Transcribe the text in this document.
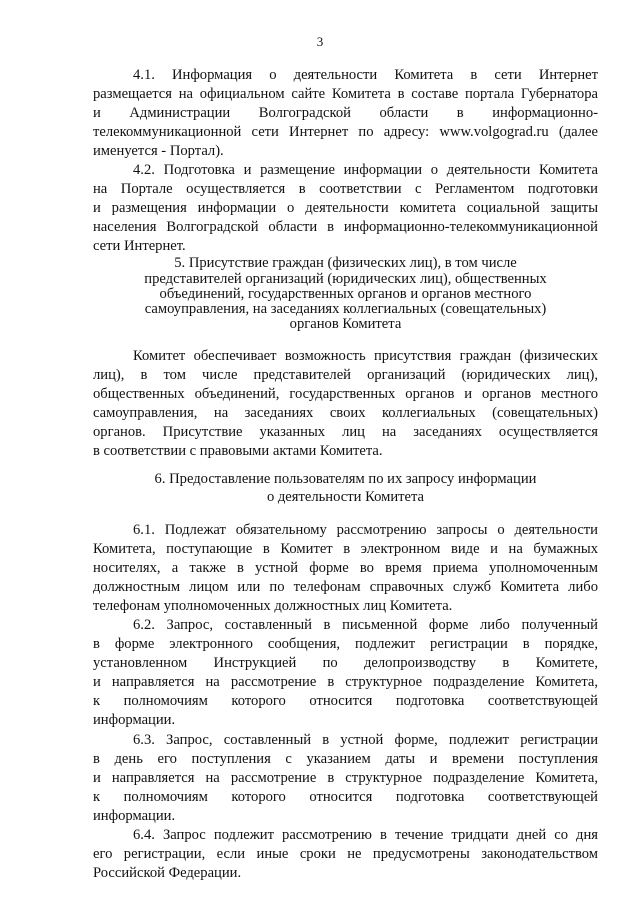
3
4.1. Информация о деятельности Комитета в сети Интернет
размещается на официальном сайте Комитета в составе портала Губернатора
и Администрации Волгоградской области в информационно-
телекоммуникационной сети Интернет по адресу: www.volgograd.ru (далее
именуется - Портал).
4.2. Подготовка и размещение информации о деятельности Комитета
на Портале осуществляется в соответствии с Регламентом подготовки
и размещения информации о деятельности комитета социальной защиты
населения Волгоградской области в информационно-телекоммуникационной
сети Интернет.
5. Присутствие граждан (физических лиц), в том числе
представителей организаций (юридических лиц), общественных
объединений, государственных органов и органов местного
самоуправления, на заседаниях коллегиальных (совещательных)
органов Комитета
Комитет обеспечивает возможность присутствия граждан (физических
лиц), в том числе представителей организаций (юридических лиц),
общественных объединений, государственных органов и органов местного
самоуправления, на заседаниях своих коллегиальных (совещательных)
органов. Присутствие указанных лиц на заседаниях осуществляется
в соответствии с правовыми актами Комитета.
6. Предоставление пользователям по их запросу информации
о деятельности Комитета
6.1. Подлежат обязательному рассмотрению запросы о деятельности
Комитета, поступающие в Комитет в электронном виде и на бумажных
носителях, а также в устной форме во время приема уполномоченным
должностным лицом или по телефонам справочных служб Комитета либо
телефонам уполномоченных должностных лиц Комитета.
6.2. Запрос, составленный в письменной форме либо полученный
в форме электронного сообщения, подлежит регистрации в порядке,
установленном Инструкцией по делопроизводству в Комитете,
и направляется на рассмотрение в структурное подразделение Комитета,
к полномочиям которого относится подготовка соответствующей
информации.
6.3. Запрос, составленный в устной форме, подлежит регистрации
в день его поступления с указанием даты и времени поступления
и направляется на рассмотрение в структурное подразделение Комитета,
к полномочиям которого относится подготовка соответствующей
информации.
6.4. Запрос подлежит рассмотрению в течение тридцати дней со дня
его регистрации, если иные сроки не предусмотрены законодательством
Российской Федерации.
